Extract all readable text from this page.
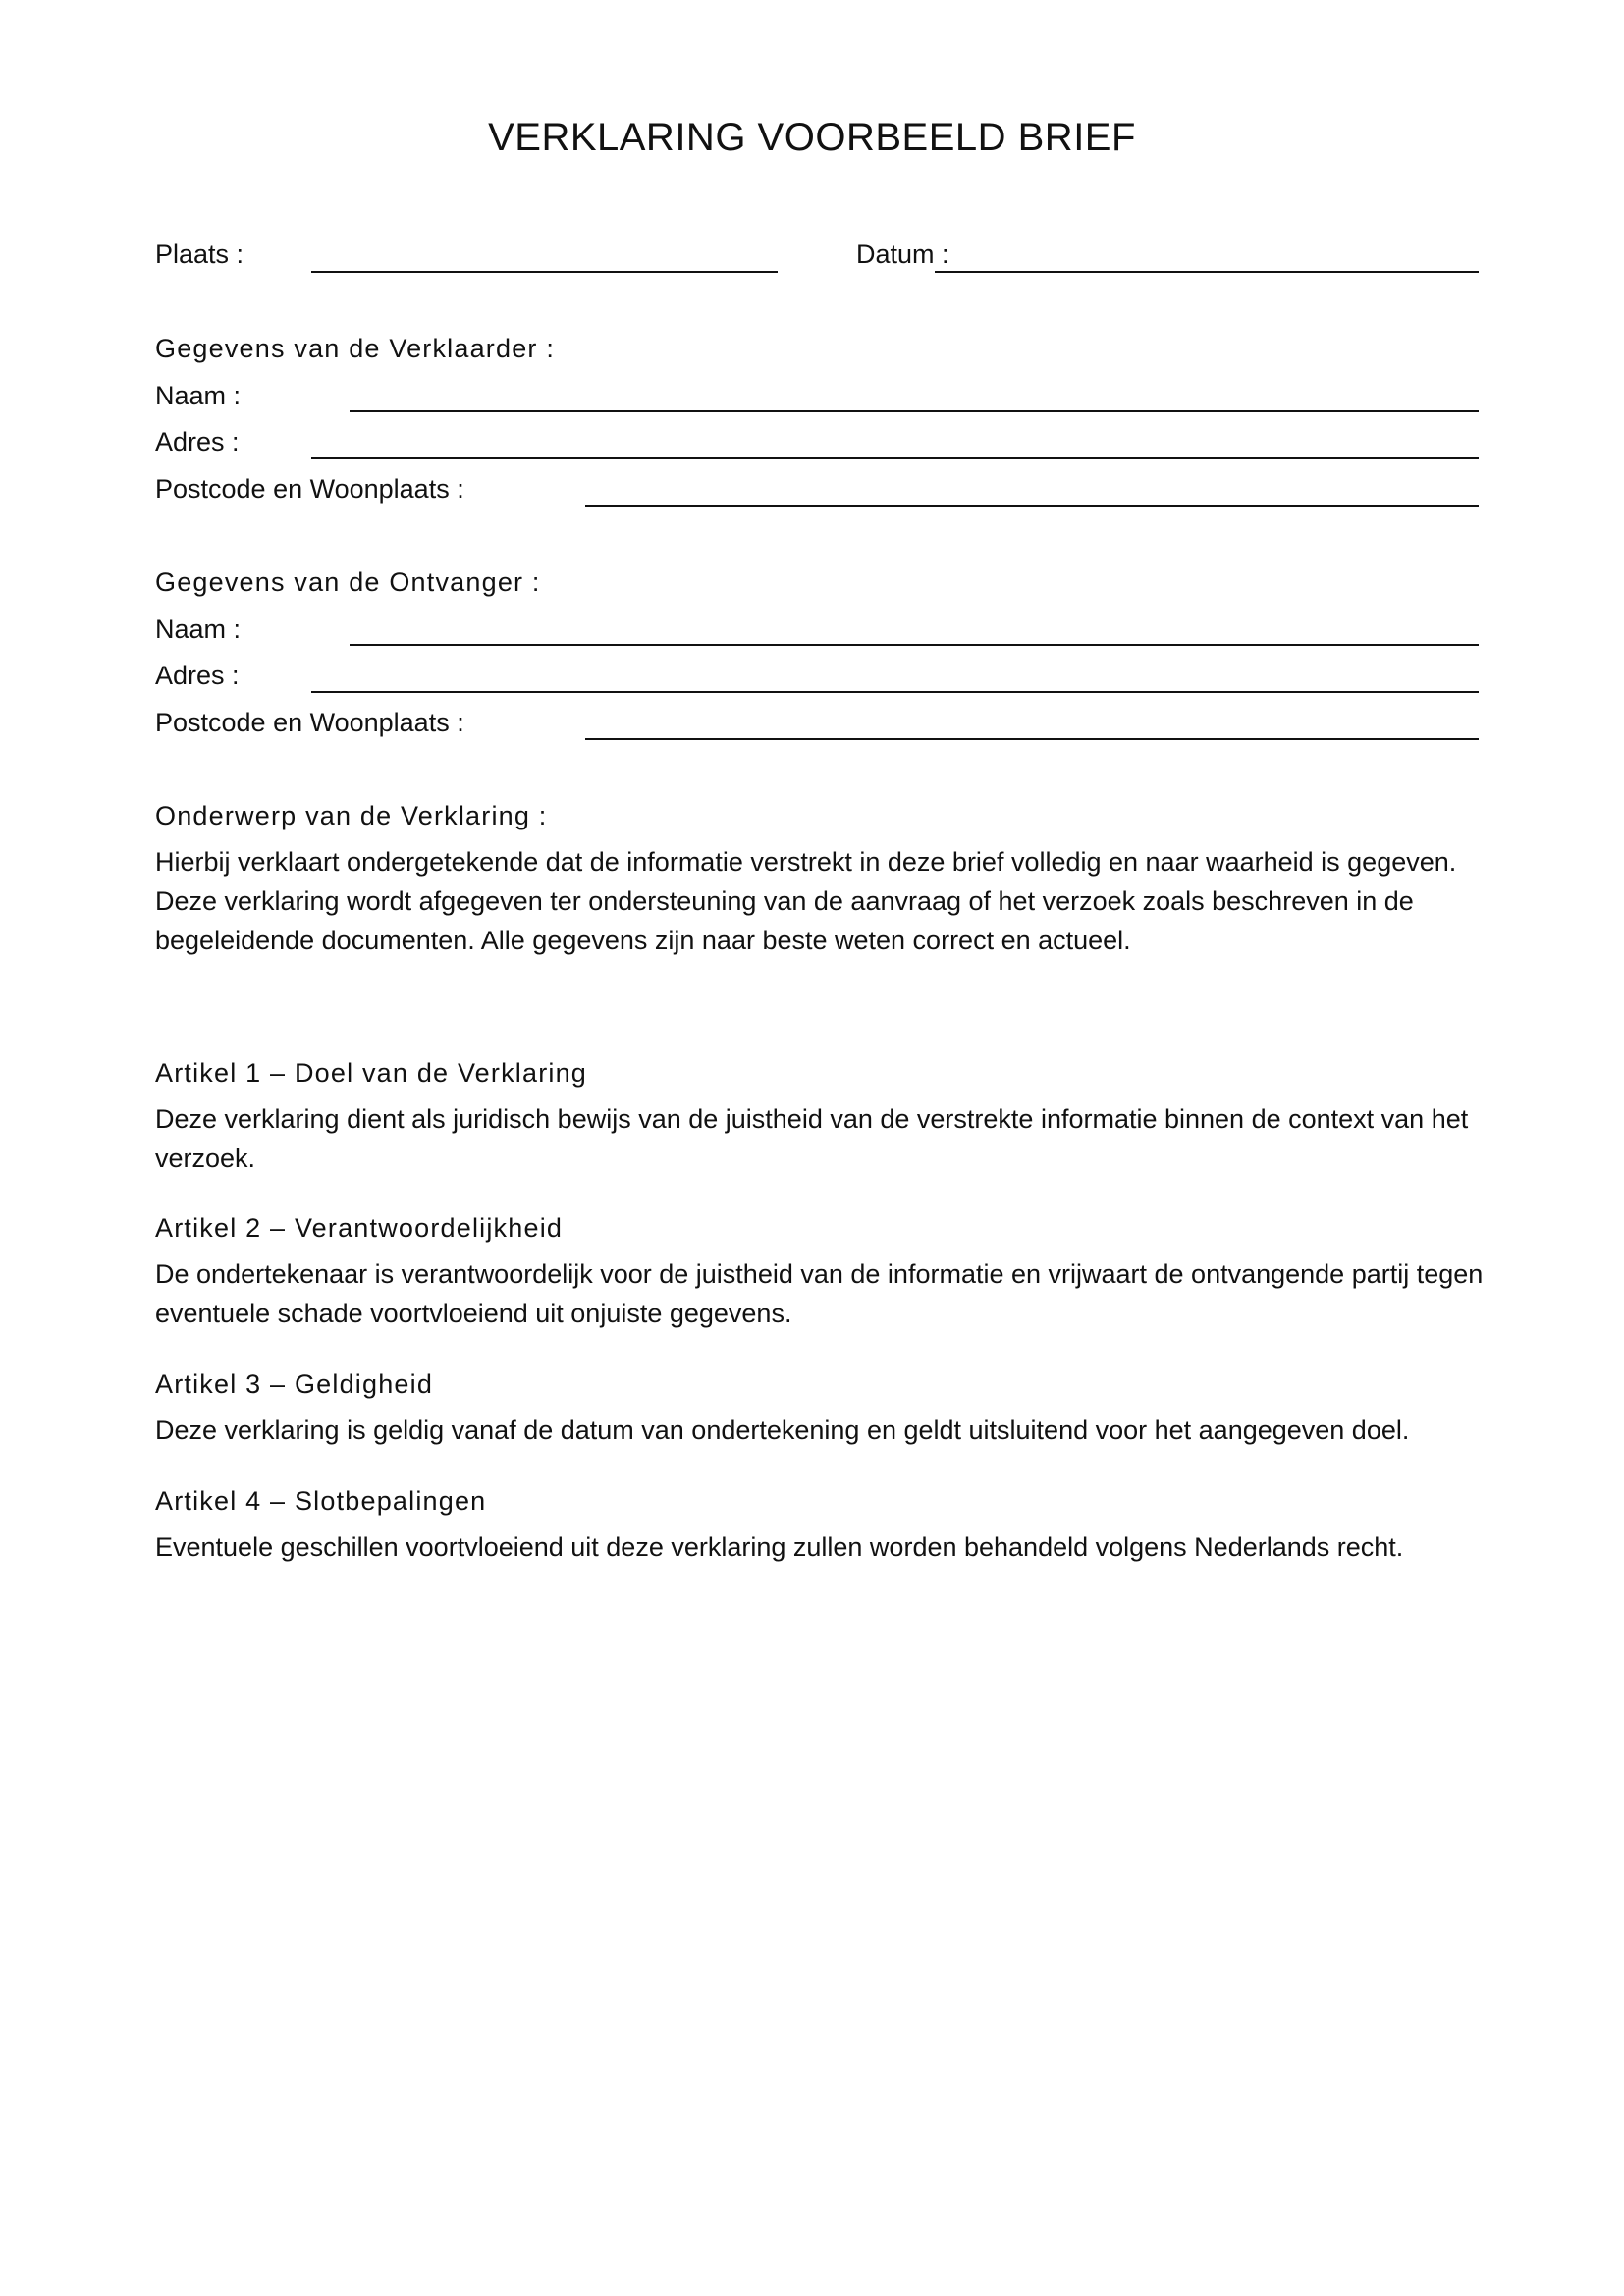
VERKLARING VOORBEELD BRIEF
Plaats :	Datum :
Gegevens van de Verklaarder :
Naam :
Adres :
Postcode en Woonplaats :
Gegevens van de Ontvanger :
Naam :
Adres :
Postcode en Woonplaats :
Onderwerp van de Verklaring :

Hierbij verklaart ondergetekende dat de informatie verstrekt in deze brief volledig en naar waarheid is gegeven. Deze verklaring wordt afgegeven ter ondersteuning van de aanvraag of het verzoek zoals beschreven in de begeleidende documenten. Alle gegevens zijn naar beste weten correct en actueel.

Artikel 1 – Doel van de Verklaring

Deze verklaring dient als juridisch bewijs van de juistheid van de verstrekte informatie binnen de context van het verzoek.

Artikel 2 – Verantwoordelijkheid

De ondertekenaar is verantwoordelijk voor de juistheid van de informatie en vrijwaart de ontvangende partij tegen eventuele schade voortvloeiend uit onjuiste gegevens.

Artikel 3 – Geldigheid

Deze verklaring is geldig vanaf de datum van ondertekening en geldt uitsluitend voor het aangegeven doel.

Artikel 4 – Slotbepalingen

Eventuele geschillen voortvloeiend uit deze verklaring zullen worden behandeld volgens Nederlands recht.
